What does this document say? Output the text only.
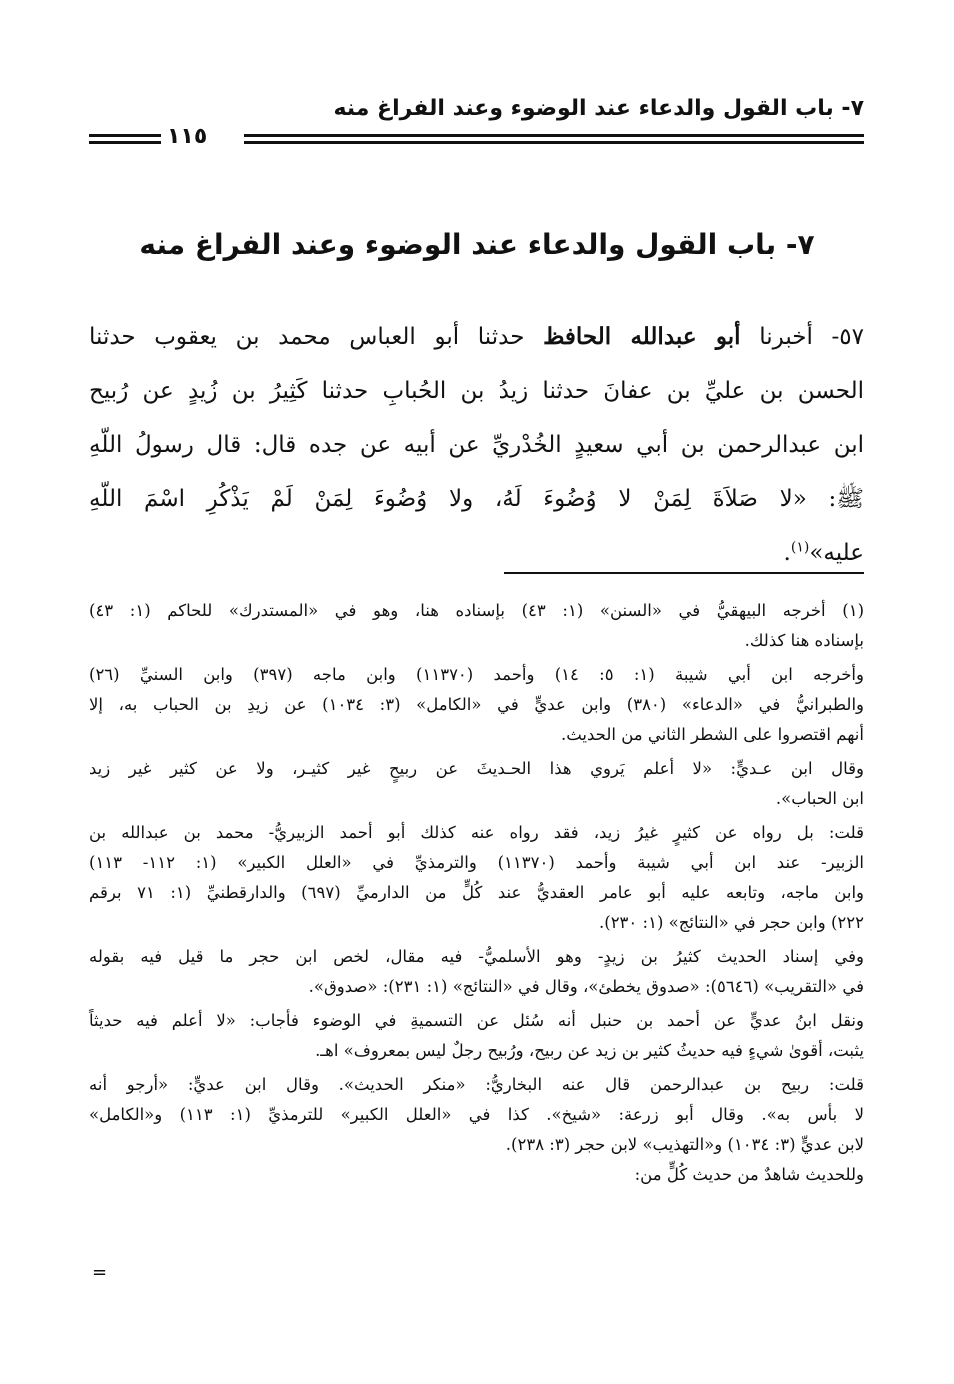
٧- باب القول والدعاء عند الوضوء وعند الفراغ منه
١١٥
٧- باب القول والدعاء عند الوضوء وعند الفراغ منه
٥٧- أخبرنا أبو عبدالله الحافظ حدثنا أبو العباس محمد بن يعقوب حدثنا
الحسن بن عليِّ بن عفانَ حدثنا زيدُ بن الحُبابِ حدثنا كَثِيرُ بن زُيدٍ عن رُبيح
ابن عبدالرحمن بن أبي سعيدٍ الخُدْريِّ عن أبيه عن جده قال: قال رسولُ اللّهِ
ﷺ: «لا صَلاَةَ لِمَنْ لا وُضُوءَ لَهُ، ولا وُضُوءَ لِمَنْ لَمْ يَذْكُرِ اسْمَ اللّهِ
عليه»$^{(١)}$.
(١) أخرجه البيهقيُّ في «السنن» (١: ٤٣) بإسناده هنا، وهو في «المستدرك» للحاكم (١: ٤٣)
بإسناده هنا كذلك.
وأخرجه ابن أبي شيبة (١: ٥: ١٤) وأحمد (١١٣٧٠) وابن ماجه (٣٩٧) وابن السنيِّ (٢٦)
والطبرانيُّ في «الدعاء» (٣٨٠) وابن عديٍّ في «الكامل» (٣: ١٠٣٤) عن زيدِ بن الحباب به، إلا
أنهم اقتصروا على الشطر الثاني من الحديث.
وقال ابن عـديٍّ: «لا أعلم يَروي هذا الحـديثَ عن ربيحٍ غير كثيـر، ولا عن كثير غير زيد
ابن الحباب».
قلت: بل رواه عن كثيرٍ غيرُ زيد، فقد رواه عنه كذلك أبو أحمد الزبيريُّ- محمد بن عبدالله بن
الزبير- عند ابن أبي شيبة وأحمد (١١٣٧٠) والترمذيِّ في «العلل الكبير» (١: ١١٢- ١١٣)
وابن ماجه، وتابعه عليه أبو عامر العقديُّ عند كُلٍّ من الدارميِّ (٦٩٧) والدارقطنيِّ (١: ٧١ برقم
٢٢٢) وابن حجر في «النتائج» (١: ٢٣٠).
وفي إسناد الحديث كثيرُ بن زيدٍ- وهو الأسلميُّ- فيه مقال، لخص ابن حجر ما قيل فيه بقوله
في «التقريب» (٥٦٤٦): «صدوق يخطئ»، وقال في «النتائج» (١: ٢٣١): «صدوق».
ونقل ابنُ عديٍّ عن أحمد بن حنبل أنه سُئل عن التسميةِ في الوضوء فأجاب: «لا أعلم فيه حديثاً
يثبت، أقوىٰ شيءٍ فيه حديثُ كثير بن زيد عن ربيح، ورُبيح رجلٌ ليس بمعروف» اهـ.
قلت: ربيح بن عبدالرحمن قال عنه البخاريُّ: «منكر الحديث». وقال ابن عديٍّ: «أرجو أنه
لا بأس به». وقال أبو زرعة: «شيخ». كذا في «العلل الكبير» للترمذيِّ (١: ١١٣) و«الكامل»
لابن عديٍّ (٣: ١٠٣٤) و«التهذيب» لابن حجر (٣: ٢٣٨).
وللحديث شاهدٌ من حديث كُلٍّ من:
=
